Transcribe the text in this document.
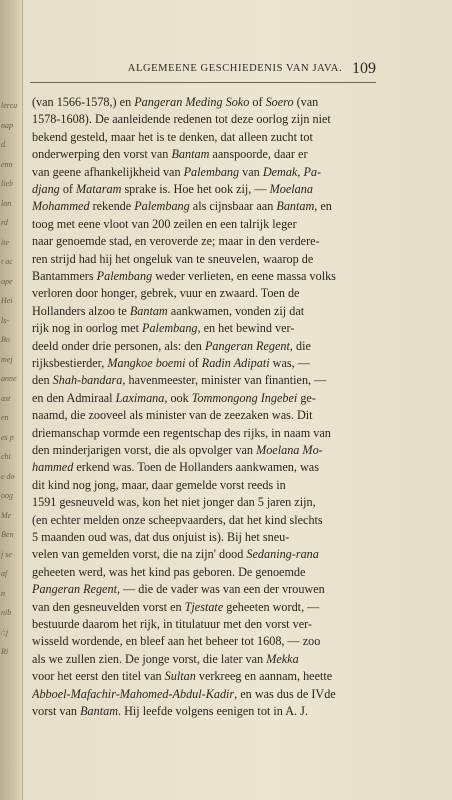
lercu
nap
d.
enn
lieb
lon
rd
ite
t ac
ope
Hei
ls-
Bo
mej
anne
ast
en
es p
chi
e do
oog
Me
Ben
j se
af
n
nib
/:j
Ri
ALGEMEENE GESCHIEDENIS VAN JAVA. 109
(van 1566-1578,) en Pangeran Meding Soko of Soero (van
1578-1608). De aanleidende redenen tot deze oorlog zijn niet
bekend gesteld, maar het is te denken, dat alleen zucht tot
onderwerping den vorst van Bantam aanspoorde, daar er
van geene afhankelijkheid van Palembang van Demak, Pa-
djang of Mataram sprake is. Hoe het ook zij, — Moelana
Mohammed rekende Palembang als cijnsbaar aan Bantam, en
toog met eene vloot van 200 zeilen en een talrijk leger
naar genoemde stad, en veroverde ze; maar in den verdere-
ren strijd had hij het ongeluk van te sneuvelen, waarop de
Bantammers Palembang weder verlieten, en eene massa volks
verloren door honger, gebrek, vuur en zwaard. Toen de
Hollanders alzoo te Bantam aankwamen, vonden zij dat
rijk nog in oorlog met Palembang, en het bewind ver-
deeld onder drie personen, als: den Pangeran Regent, die
rijksbestierder, Mangkoe boemi of Radin Adipati was, —
den Shah-bandara, havenmeester, minister van finantien, —
en den Admiraal Laximana, ook Tommongong Ingebei ge-
naamd, die zooveel als minister van de zeezaken was. Dit
driemanschap vormde een regentschap des rijks, in naam van
den minderjarigen vorst, die als opvolger van Moelana Mo-
hammed erkend was. Toen de Hollanders aankwamen, was
dit kind nog jong, maar, daar gemelde vorst reeds in
1591 gesneuveld was, kon het niet jonger dan 5 jaren zijn,
(en echter melden onze scheepvaarders, dat het kind slechts
5 maanden oud was, dat dus onjuist is). Bij het sneu-
velen van gemelden vorst, die na zijn' dood Sedaning-rana
geheeten werd, was het kind pas geboren. De genoemde
Pangeran Regent, — die de vader was van een der vrouwen
van den gesneuvelden vorst en Tjestate geheeten wordt, —
bestuurde daarom het rijk, in titulatuur met den vorst ver-
wisseld wordende, en bleef aan het beheer tot 1608, — zoo
als we zullen zien. De jonge vorst, die later van Mekka
voor het eerst den titel van Sultan verkreeg en aannam, heette
Abboel-Mafachir-Mahomed-Abdul-Kadir, en was dus de IVde
vorst van Bantam. Hij leefde volgens eenigen tot in A. J.
